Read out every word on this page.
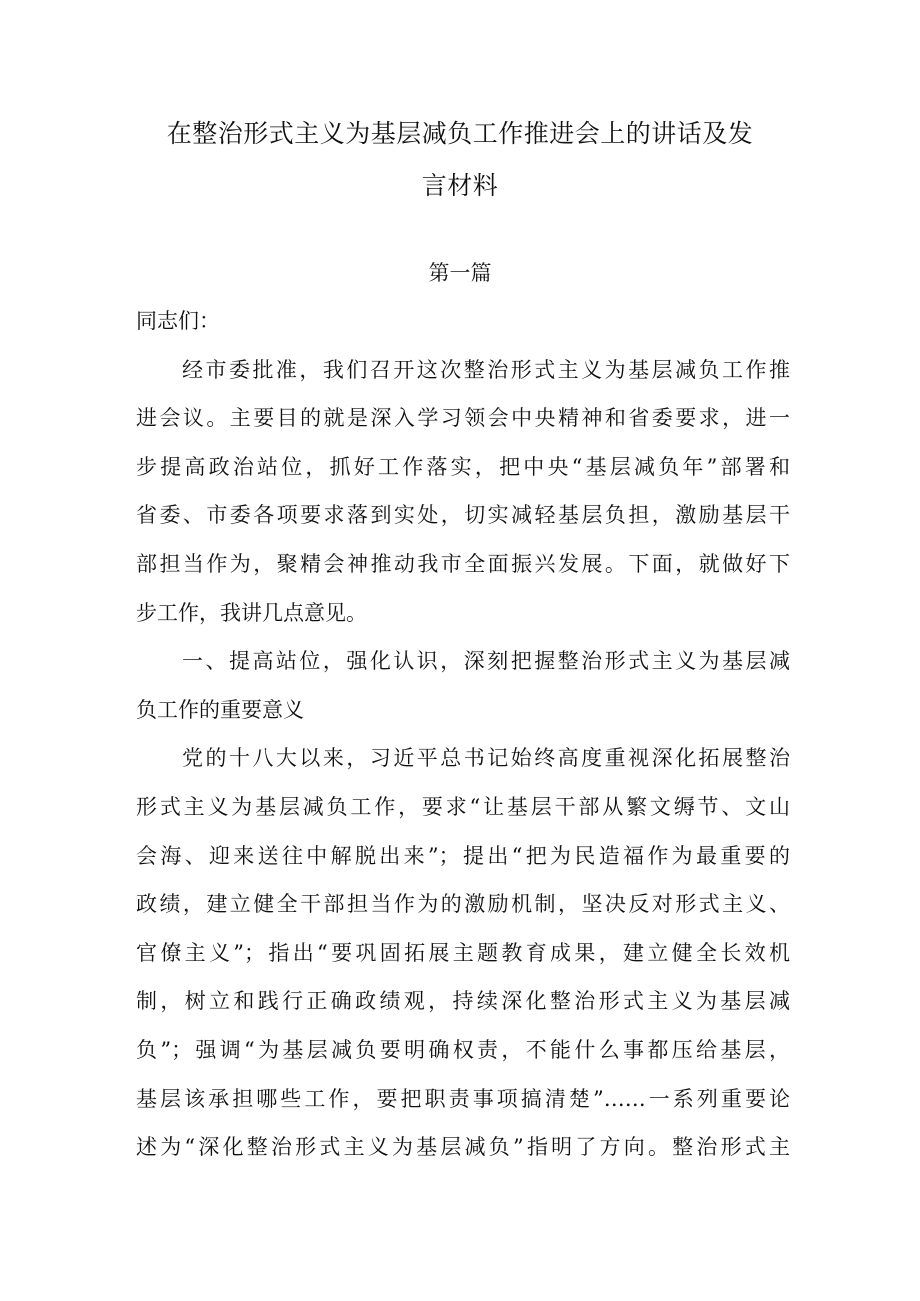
在整治形式主义为基层减负工作推进会上的讲话及发
言材料
第一篇
同志们：
经市委批准，我们召开这次整治形式主义为基层减负工作推
进会议。主要目的就是深入学习领会中央精神和省委要求，进一
步提高政治站位，抓好工作落实，把中央“基层减负年”部署和
省委、市委各项要求落到实处，切实减轻基层负担，激励基层干
部担当作为，聚精会神推动我市全面振兴发展。下面，就做好下
步工作，我讲几点意见。
一、提高站位，强化认识，深刻把握整治形式主义为基层减
负工作的重要意义
党的十八大以来，习近平总书记始终高度重视深化拓展整治
形式主义为基层减负工作，要求“让基层干部从繁文缛节、文山
会海、迎来送往中解脱出来”；提出“把为民造福作为最重要的
政绩，建立健全干部担当作为的激励机制，坚决反对形式主义、
官僚主义”；指出“要巩固拓展主题教育成果，建立健全长效机
制，树立和践行正确政绩观，持续深化整治形式主义为基层减
负”；强调“为基层减负要明确权责，不能什么事都压给基层，
基层该承担哪些工作，要把职责事项搞清楚”……一系列重要论
述为“深化整治形式主义为基层减负”指明了方向。整治形式主
